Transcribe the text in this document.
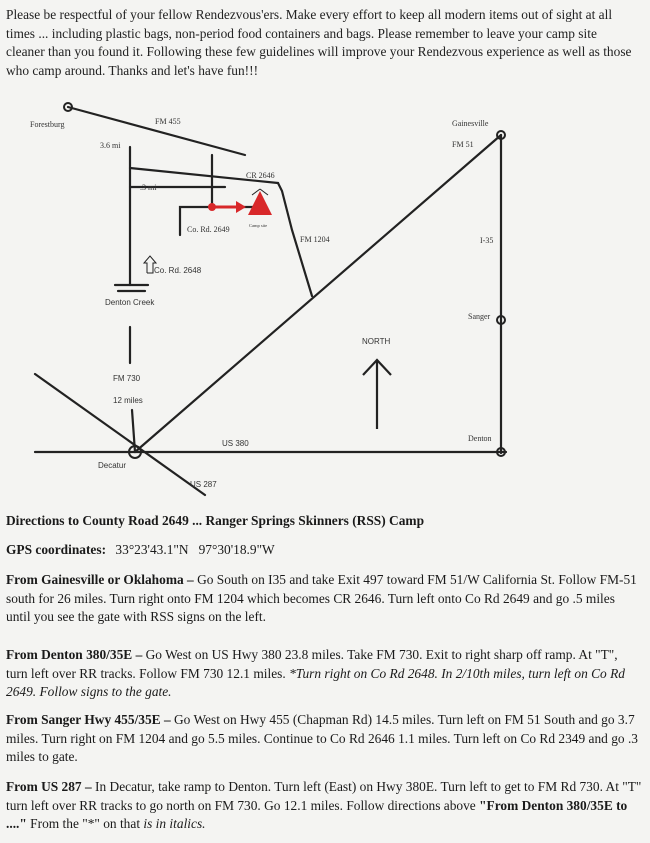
Please be respectful of your fellow Rendezvous'ers. Make every effort to keep all modern items out of sight at all times ... including plastic bags, non-period food containers and bags. Please remember to leave your camp site cleaner than you found it. Following these few guidelines will improve your Rendezvous experience as well as those who camp around. Thanks and let's have fun!!!
Forestburg	FM 455	Gainesville
FM 51
3.6 mi
CR 2646
.3 mi
Camp site
Co. Rd. 2649
FM 1204	I-35
Co. Rd. 2648
Denton Creek
Sanger
NORTH
FM 730
12 miles
Denton
US 380
Decatur
US 287
Directions to County Road 2649 ... Ranger Springs Skinners (RSS) Camp
GPS coordinates: 33°23'43.1"N   97°30'18.9"W
From Gainesville or Oklahoma – Go South on I35 and take Exit 497 toward FM 51/W California St. Follow FM-51 south for 26 miles. Turn right onto FM 1204 which becomes CR 2646. Turn left onto Co Rd 2649 and go .5 miles until you see the gate with RSS signs on the left.
From Denton 380/35E – Go West on US Hwy 380 23.8 miles. Take FM 730. Exit to right sharp off ramp. At "T", turn left over RR tracks. Follow FM 730 12.1 miles. *Turn right on Co Rd 2648. In 2/10th miles, turn left on Co Rd 2649. Follow signs to the gate.
From Sanger Hwy 455/35E – Go West on Hwy 455 (Chapman Rd) 14.5 miles. Turn left on FM 51 South and go 3.7 miles. Turn right on FM 1204 and go 5.5 miles. Continue to Co Rd 2646 1.1 miles. Turn left on Co Rd 2349 and go .3 miles to gate.
From US 287 – In Decatur, take ramp to Denton. Turn left (East) on Hwy 380E. Turn left to get to FM Rd 730. At "T" turn left over RR tracks to go north on FM 730. Go 12.1 miles. Follow directions above "From Denton 380/35E to ...." From the "*" on that is in italics.
